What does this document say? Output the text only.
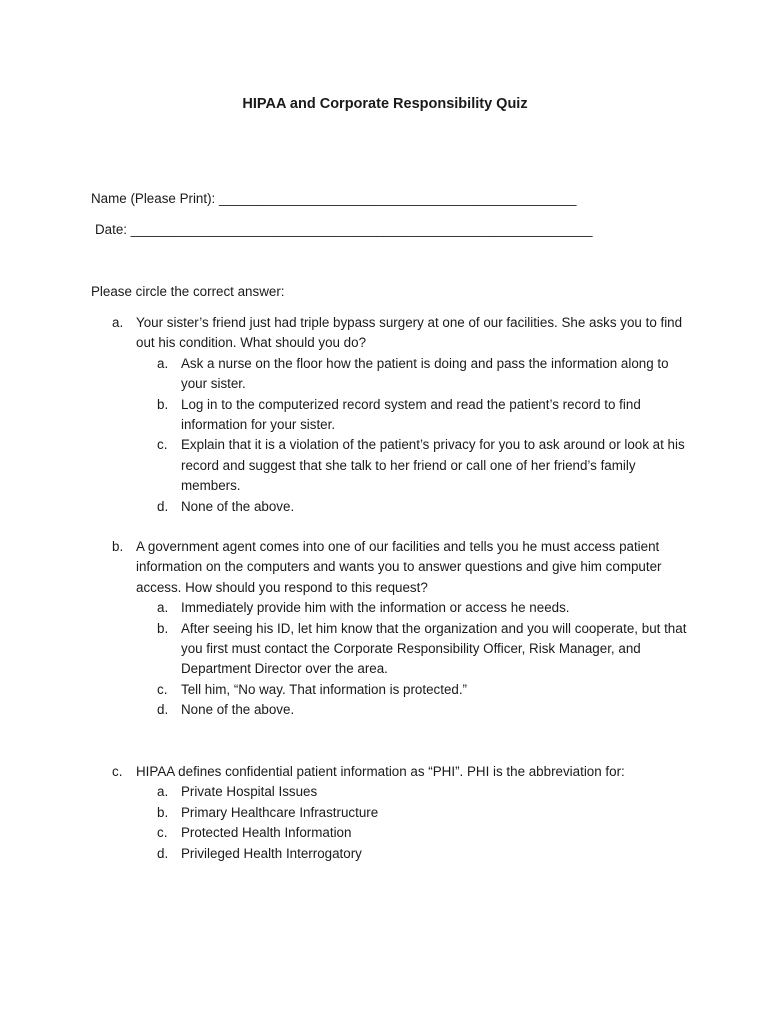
HIPAA and Corporate Responsibility Quiz
Name (Please Print): ________________________________________________
Date: ______________________________________________________________
Please circle the correct answer:
a. Your sister’s friend just had triple bypass surgery at one of our facilities. She asks you to find out his condition. What should you do?
a. Ask a nurse on the floor how the patient is doing and pass the information along to your sister.
b. Log in to the computerized record system and read the patient’s record to find information for your sister.
c.	Explain that it is a violation of the patient’s privacy for you to ask around or look at his record and suggest that she talk to her friend or call one of her friend’s family members.
d. None of the above.
b. A government agent comes into one of our facilities and tells you he must access patient information on the computers and wants you to answer questions and give him computer access. How should you respond to this request?
a. Immediately provide him with the information or access he needs.
b. After seeing his ID, let him know that the organization and you will cooperate, but that you first must contact the Corporate Responsibility Officer, Risk Manager, and Department Director over the area.
c.	Tell him, “No way. That information is protected.”
d. None of the above.
c.	HIPAA defines confidential patient information as “PHI”. PHI is the abbreviation for:
a. Private Hospital Issues
b. Primary Healthcare Infrastructure
c.	Protected Health Information
d. Privileged Health Interrogatory
